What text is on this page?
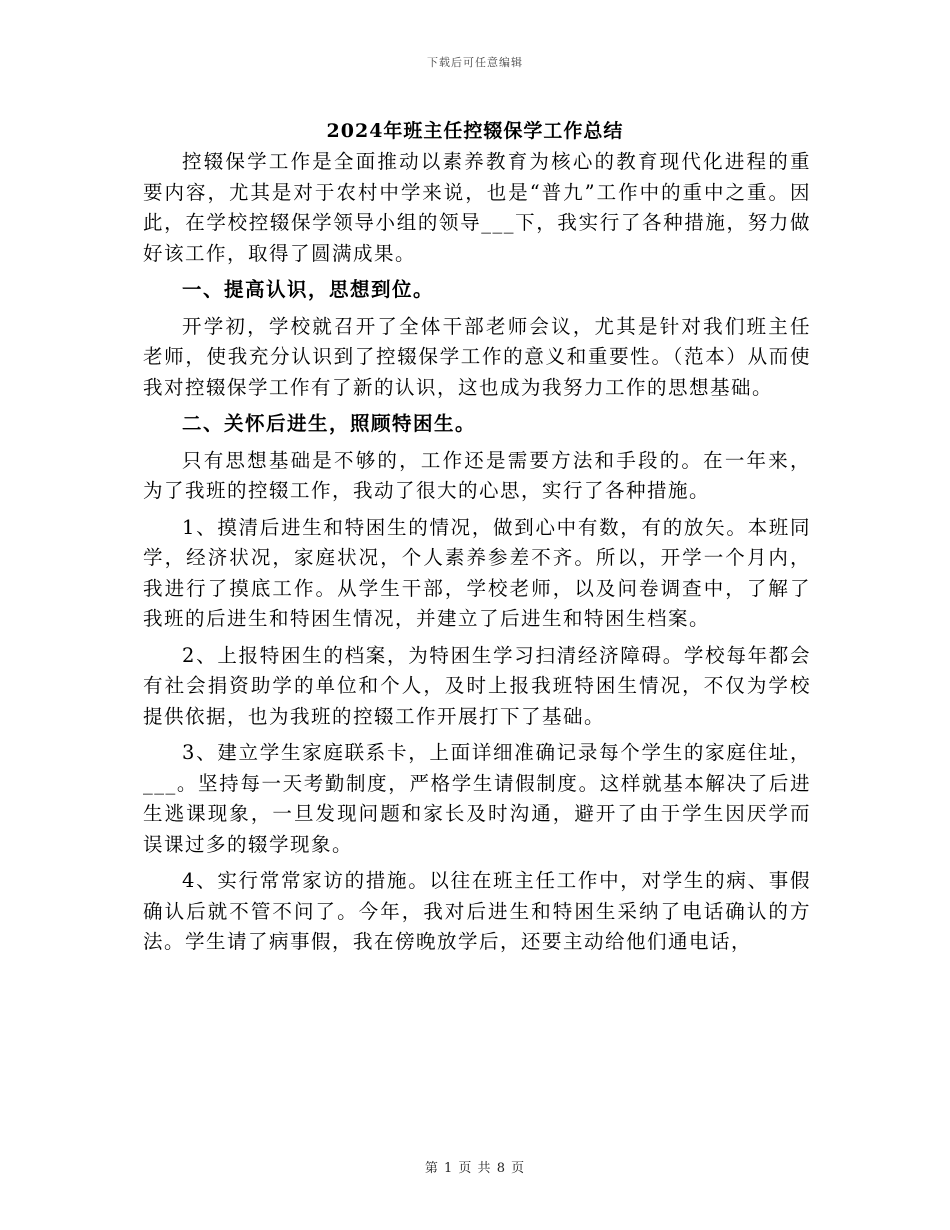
下载后可任意编辑
2024年班主任控辍保学工作总结

控辍保学工作是全面推动以素养教育为核心的教育现代化进程的重要内容，尤其是对于农村中学来说，也是“普九”工作中的重中之重。因此，在学校控辍保学领导小组的领导___下，我实行了各种措施，努力做好该工作，取得了圆满成果。

一、提高认识，思想到位。

开学初，学校就召开了全体干部老师会议，尤其是针对我们班主任老师，使我充分认识到了控辍保学工作的意义和重要性。（范本）从而使我对控辍保学工作有了新的认识，这也成为我努力工作的思想基础。

二、关怀后进生，照顾特困生。

只有思想基础是不够的，工作还是需要方法和手段的。在一年来，为了我班的控辍工作，我动了很大的心思，实行了各种措施。

1、摸清后进生和特困生的情况，做到心中有数，有的放矢。本班同学，经济状况，家庭状况，个人素养参差不齐。所以，开学一个月内，我进行了摸底工作。从学生干部，学校老师，以及问卷调查中，了解了我班的后进生和特困生情况，并建立了后进生和特困生档案。

2、上报特困生的档案，为特困生学习扫清经济障碍。学校每年都会有社会捐资助学的单位和个人，及时上报我班特困生情况，不仅为学校提供依据，也为我班的控辍工作开展打下了基础。

3、建立学生家庭联系卡，上面详细准确记录每个学生的家庭住址，___。坚持每一天考勤制度，严格学生请假制度。这样就基本解决了后进生逃课现象，一旦发现问题和家长及时沟通，避开了由于学生因厌学而误课过多的辍学现象。

4、实行常常家访的措施。以往在班主任工作中，对学生的病、事假确认后就不管不问了。今年，我对后进生和特困生采纳了电话确认的方法。学生请了病事假，我在傍晚放学后，还要主动给他们通电话，

第 1 页 共 8 页
